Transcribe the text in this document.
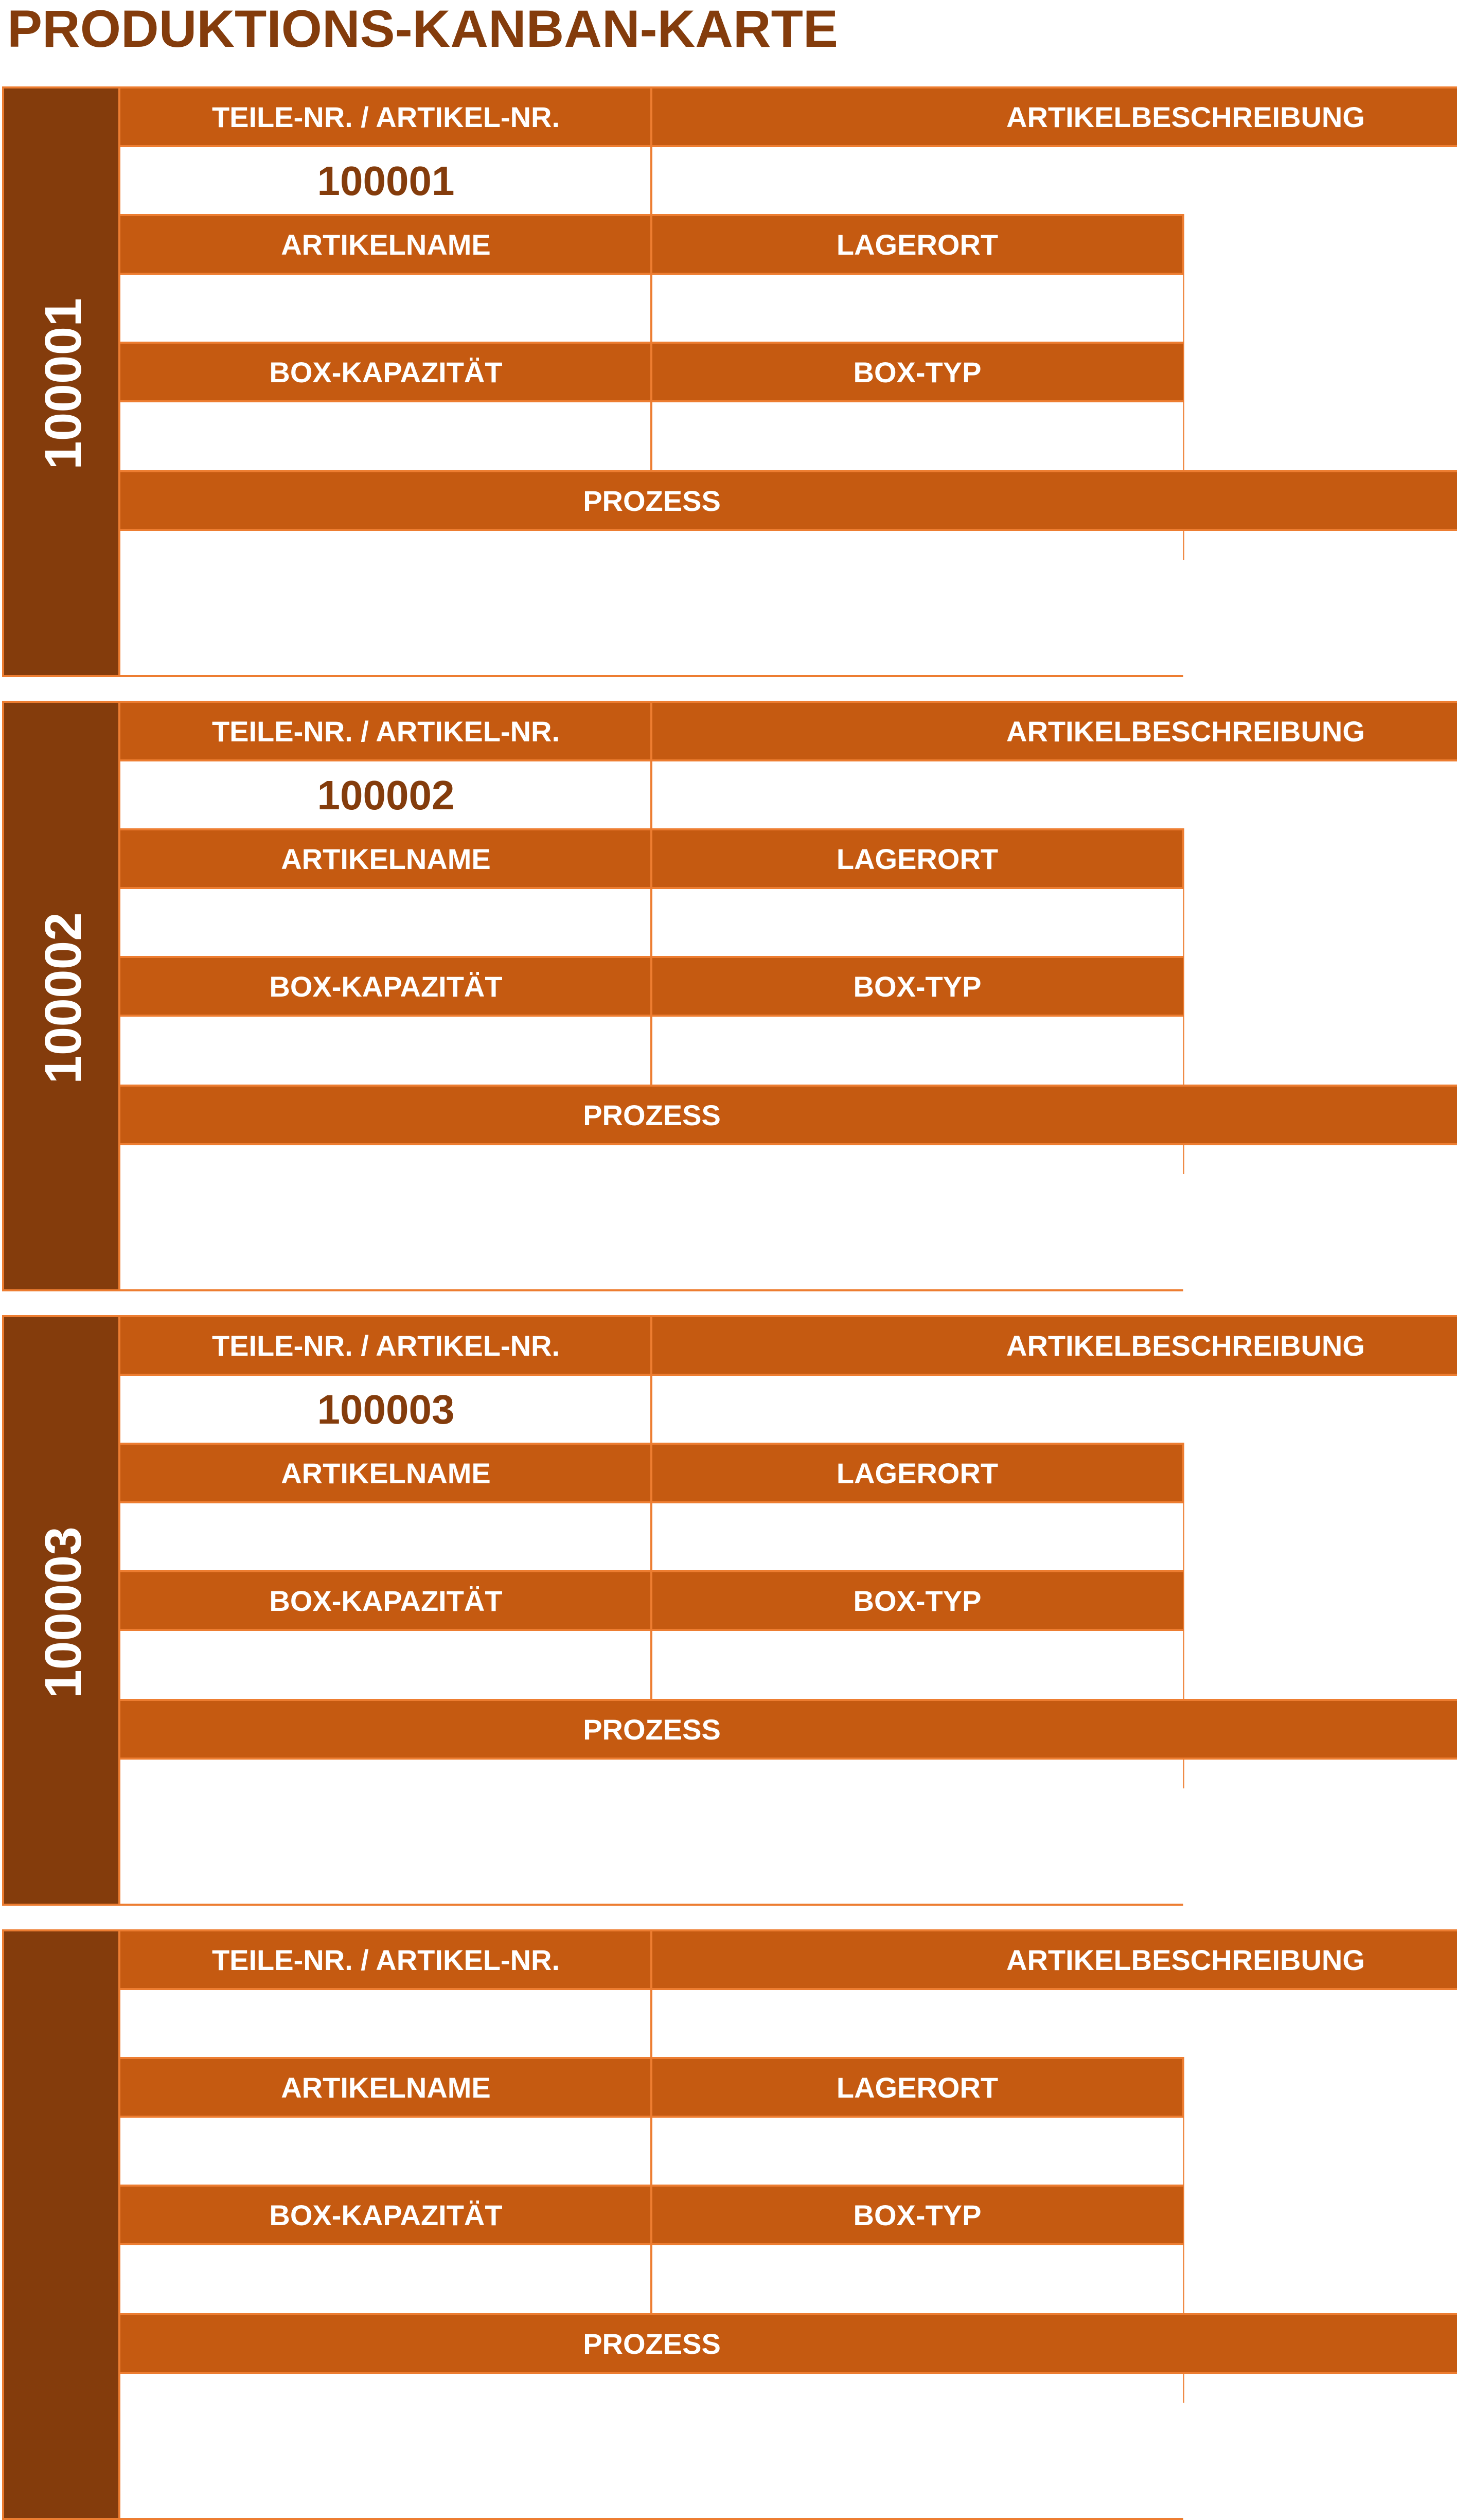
PRODUKTIONS-KANBAN-KARTE
100001
TEILE-NR. / ARTIKEL-NR.	ARTIKELBESCHREIBUNG
100001
ARTIKELNAME	LAGERORT
BOX-KAPAZITÄT	BOX-TYP
PROZESS
100002
TEILE-NR. / ARTIKEL-NR.	ARTIKELBESCHREIBUNG
100002
ARTIKELNAME	LAGERORT
BOX-KAPAZITÄT	BOX-TYP
PROZESS
100003
TEILE-NR. / ARTIKEL-NR.	ARTIKELBESCHREIBUNG
100003
ARTIKELNAME	LAGERORT
BOX-KAPAZITÄT	BOX-TYP
PROZESS
TEILE-NR. / ARTIKEL-NR.	ARTIKELBESCHREIBUNG
ARTIKELNAME	LAGERORT
BOX-KAPAZITÄT	BOX-TYP
PROZESS
